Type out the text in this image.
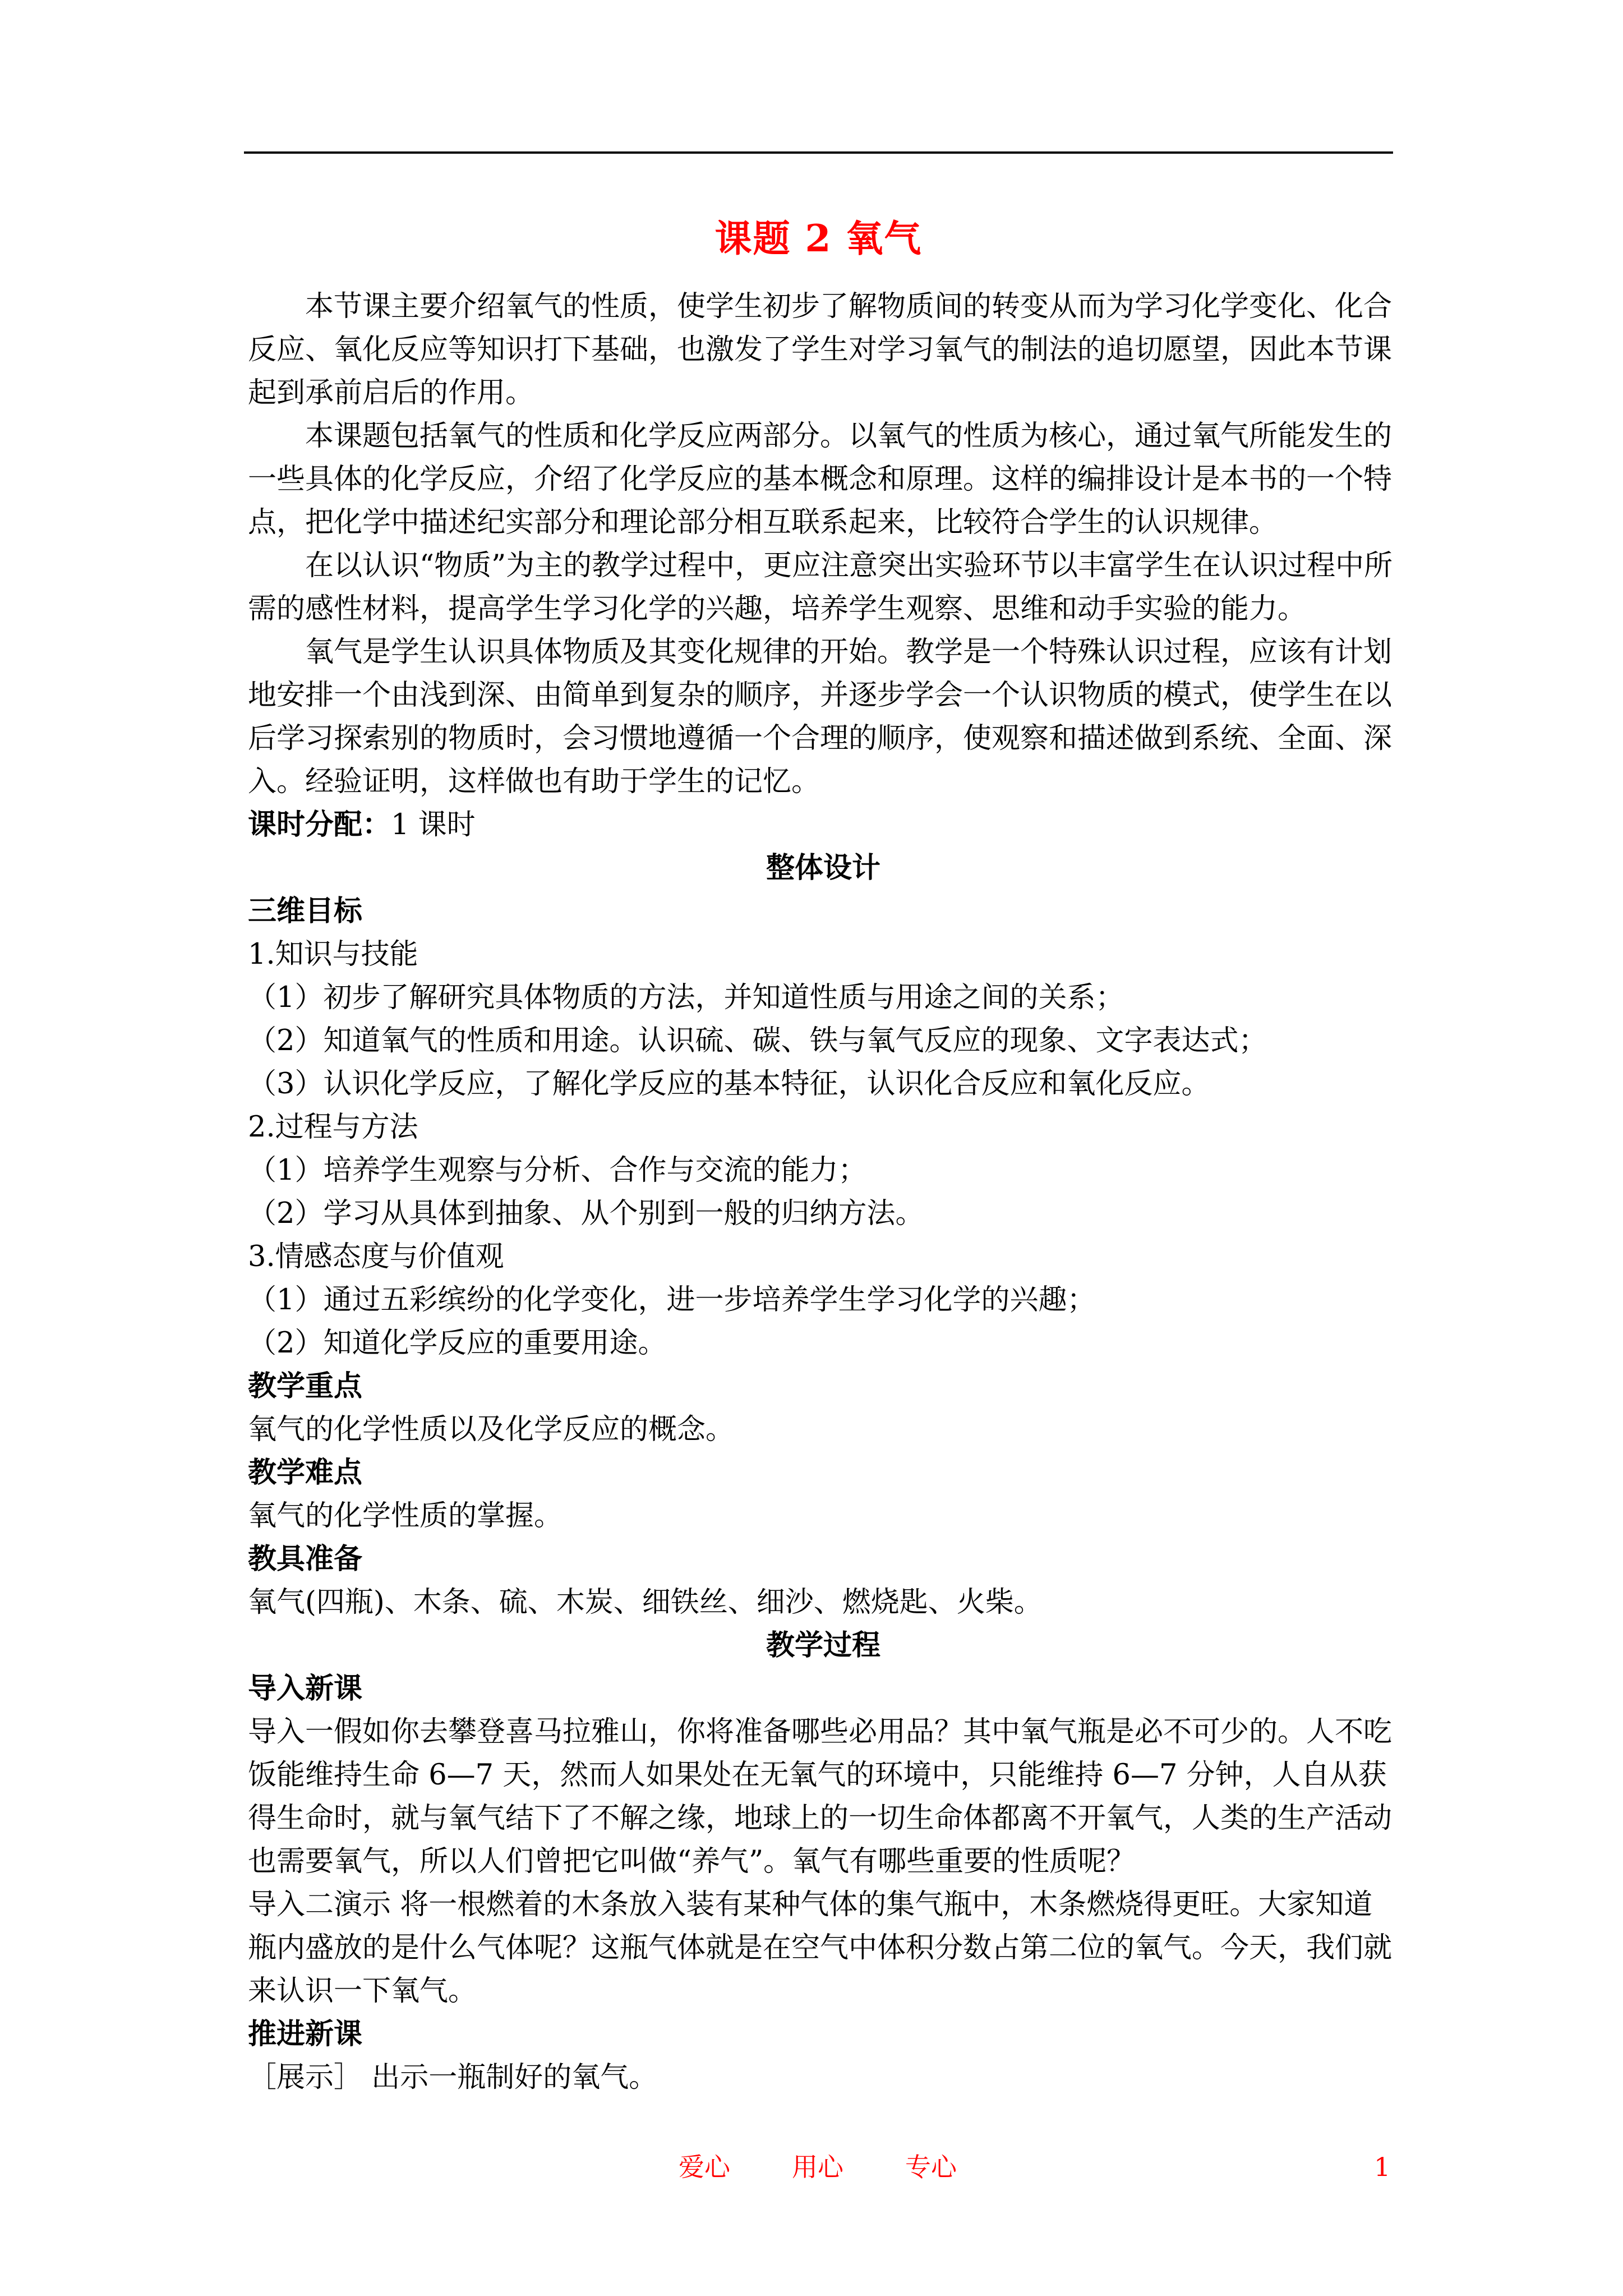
课题 2 氧气

本节课主要介绍氧气的性质，使学生初步了解物质间的转变从而为学习化学变化、化合反应、氧化反应等知识打下基础，也激发了学生对学习氧气的制法的追切愿望，因此本节课起到承前启后的作用。

本课题包括氧气的性质和化学反应两部分。以氧气的性质为核心，通过氧气所能发生的一些具体的化学反应，介绍了化学反应的基本概念和原理。这样的编排设计是本书的一个特点，把化学中描述纪实部分和理论部分相互联系起来，比较符合学生的认识规律。

在以认识“物质”为主的教学过程中，更应注意突出实验环节以丰富学生在认识过程中所需的感性材料，提高学生学习化学的兴趣，培养学生观察、思维和动手实验的能力。

氧气是学生认识具体物质及其变化规律的开始。教学是一个特殊认识过程，应该有计划地安排一个由浅到深、由简单到复杂的顺序，并逐步学会一个认识物质的模式，使学生在以后学习探索别的物质时，会习惯地遵循一个合理的顺序，使观察和描述做到系统、全面、深入。经验证明，这样做也有助于学生的记忆。

课时分配：1 课时

整体设计

三维目标

1.知识与技能

（1）初步了解研究具体物质的方法，并知道性质与用途之间的关系；

（2）知道氧气的性质和用途。认识硫、碳、铁与氧气反应的现象、文字表达式；

（3）认识化学反应，了解化学反应的基本特征，认识化合反应和氧化反应。

2.过程与方法

（1）培养学生观察与分析、合作与交流的能力；

（2）学习从具体到抽象、从个别到一般的归纳方法。

3.情感态度与价值观

（1）通过五彩缤纷的化学变化，进一步培养学生学习化学的兴趣；

（2）知道化学反应的重要用途。

教学重点

氧气的化学性质以及化学反应的概念。

教学难点

氧气的化学性质的掌握。

教具准备

氧气(四瓶)、木条、硫、木炭、细铁丝、细沙、燃烧匙、火柴。

教学过程

导入新课

导入一假如你去攀登喜马拉雅山，你将准备哪些必用品？其中氧气瓶是必不可少的。人不吃饭能维持生命 6—7 天，然而人如果处在无氧气的环境中，只能维持 6—7 分钟，人自从获得生命时，就与氧气结下了不解之缘，地球上的一切生命体都离不开氧气，人类的生产活动也需要氧气，所以人们曾把它叫做“养气”。氧气有哪些重要的性质呢？

导入二演示 将一根燃着的木条放入装有某种气体的集气瓶中，木条燃烧得更旺。大家知道瓶内盛放的是什么气体呢？这瓶气体就是在空气中体积分数占第二位的氧气。今天，我们就来认识一下氧气。

推进新课

［展示］ 出示一瓶制好的氧气。

爱心 用心 专心	1
